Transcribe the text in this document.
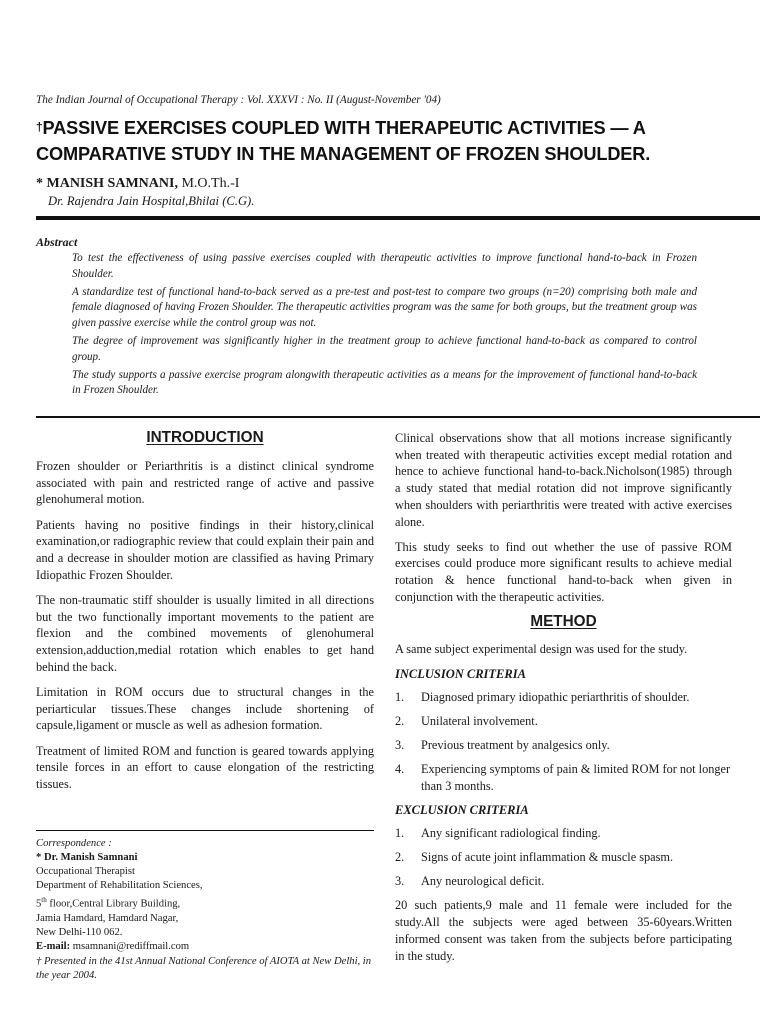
The Indian Journal of Occupational Therapy : Vol. XXXVI : No. II (August-November '04)
†PASSIVE EXERCISES COUPLED WITH THERAPEUTIC ACTIVITIES — A COMPARATIVE STUDY IN THE MANAGEMENT OF FROZEN SHOULDER.
* MANISH SAMNANI, M.O.Th.-I
Dr. Rajendra Jain Hospital,Bhilai (C.G).
Abstract

To test the effectiveness of using passive exercises coupled with therapeutic activities to improve functional hand-to-back in Frozen Shoulder.

A standardize test of functional hand-to-back served as a pre-test and post-test to compare two groups (n=20) comprising both male and female diagnosed of having Frozen Shoulder. The therapeutic activities program was the same for both groups, but the treatment group was given passive exercise while the control group was not.

The degree of improvement was significantly higher in the treatment group to achieve functional hand-to-back as compared to control group.

The study supports a passive exercise program alongwith therapeutic activities as a means for the improvement of functional hand-to-back in Frozen Shoulder.

INTRODUCTION

Frozen shoulder or Periarthritis is a distinct clinical syndrome associated with pain and restricted range of active and passive glenohumeral motion.

Patients having no positive findings in their history,clinical examination,or radiographic review that could explain their pain and and a decrease in shoulder motion are classified as having Primary Idiopathic Frozen Shoulder.

The non-traumatic stiff shoulder is usually limited in all directions but the two functionally important movements to the patient are flexion and the combined movements of glenohumeral extension,adduction,medial rotation which enables to get hand behind the back.

Limitation in ROM occurs due to structural changes in the periarticular tissues.These changes include shortening of capsule,ligament or muscle as well as adhesion formation.

Treatment of limited ROM and function is geared towards applying tensile forces in an effort to cause elongation of the restricting tissues.

Clinical observations show that all motions increase significantly when treated with therapeutic activities except medial rotation and hence to achieve functional hand-to-back.Nicholson(1985) through a study stated that medial rotation did not improve significantly when shoulders with periarthritis were treated with active exercises alone.

This study seeks to find out whether the use of passive ROM exercises could produce more significant results to achieve medial rotation & hence functional hand-to-back when given in conjunction with the therapeutic activities.

METHOD

A same subject experimental design was used for the study.

INCLUSION CRITERIA
1. Diagnosed primary idiopathic periarthritis of shoulder.
2. Unilateral involvement.
3. Previous treatment by analgesics only.
4. Experiencing symptoms of pain & limited ROM for not longer than 3 months.
EXCLUSION CRITERIA
1. Any significant radiological finding.
2. Signs of acute joint inflammation & muscle spasm.
3. Any neurological deficit.

20 such patients,9 male and 11 female were included for the study.All the subjects were aged between 35-60years.Written informed consent was taken from the subjects before participating in the study.

Correspondence :
* Dr. Manish Samnani
Occupational Therapist
Department of Rehabilitation Sciences,
5th floor,Central Library Building,
Jamia Hamdard, Hamdard Nagar,
New Delhi-110 062.
E-mail: msamnani@rediffmail.com
† Presented in the 41st Annual National Conference of AIOTA at New Delhi, in the year 2004.
